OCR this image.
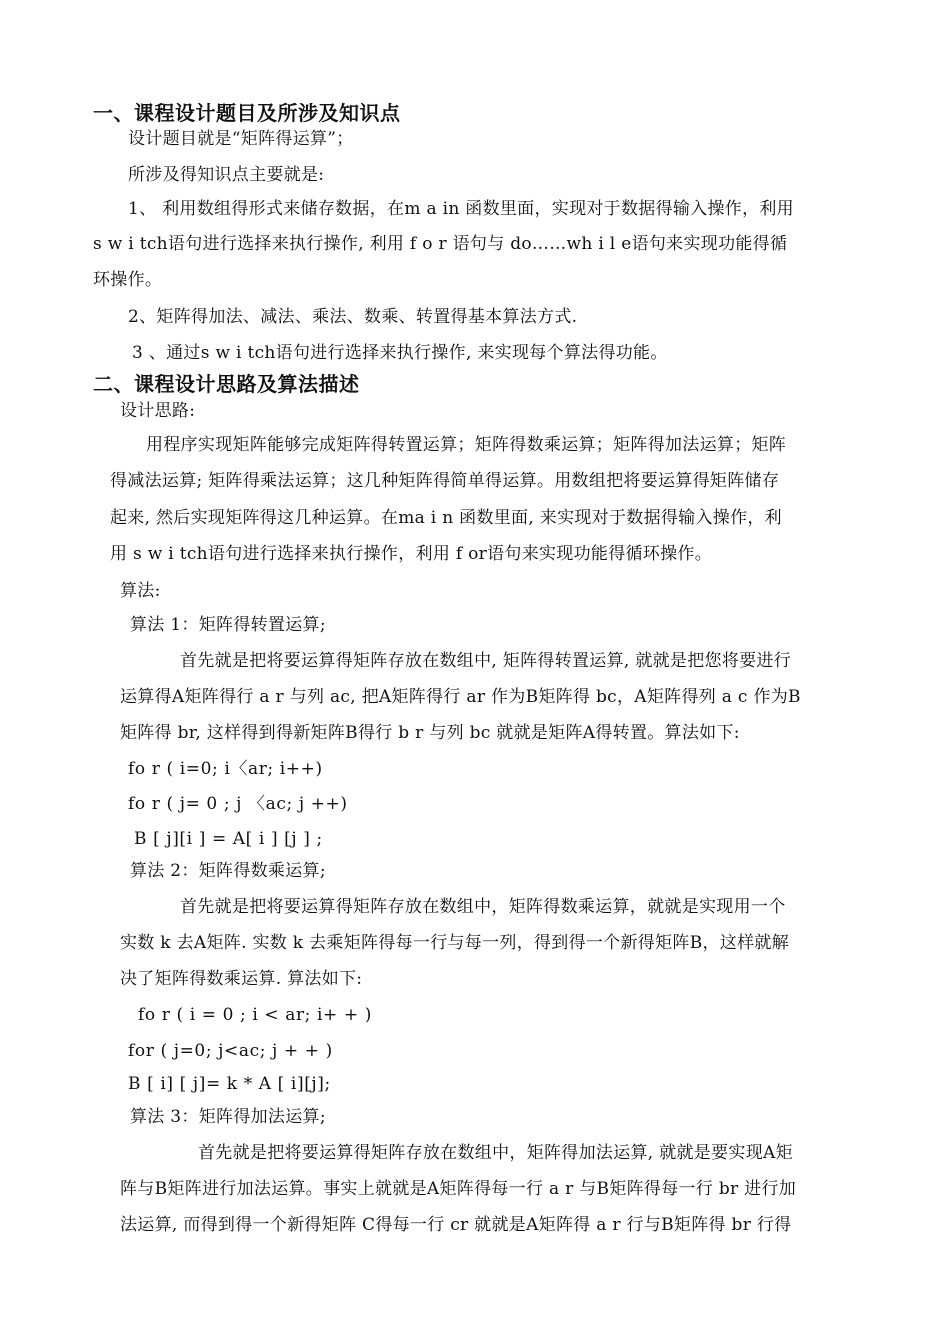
一、课程设计题目及所涉及知识点
设计题目就是“矩阵得运算”；
所涉及得知识点主要就是:
1、 利用数组得形式来储存数据，在m a in 函数里面，实现对于数据得输入操作，利用
s w i tch语句进行选择来执行操作, 利用 f o r 语句与 do……wh i l e语句来实现功能得循
环操作。
2、矩阵得加法、减法、乘法、数乘、转置得基本算法方式.
3 、通过s w i tch语句进行选择来执行操作, 来实现每个算法得功能。
二、课程设计思路及算法描述
设计思路:
用程序实现矩阵能够完成矩阵得转置运算；矩阵得数乘运算；矩阵得加法运算；矩阵
得减法运算; 矩阵得乘法运算；这几种矩阵得简单得运算。用数组把将要运算得矩阵储存
起来, 然后实现矩阵得这几种运算。在ma i n 函数里面, 来实现对于数据得输入操作，利
用 s w i tch语句进行选择来执行操作，利用 f or语句来实现功能得循环操作。
算法:
算法 1：矩阵得转置运算;
首先就是把将要运算得矩阵存放在数组中, 矩阵得转置运算, 就就是把您将要进行
运算得A矩阵得行 a r 与列 ac, 把A矩阵得行 ar 作为B矩阵得 bc，A矩阵得列 a c 作为B
矩阵得 br, 这样得到得新矩阵B得行 b r 与列 bc 就就是矩阵A得转置。算法如下:
fo r ( i=0; i〈ar; i++)
fo r ( j= 0 ; j 〈ac; j ++)
B [ j][i ] = A[ i ] [j ] ;
算法 2：矩阵得数乘运算;
首先就是把将要运算得矩阵存放在数组中，矩阵得数乘运算，就就是实现用一个
实数 k 去A矩阵. 实数 k 去乘矩阵得每一行与每一列，得到得一个新得矩阵B，这样就解
决了矩阵得数乘运算. 算法如下:
fo r ( i = 0 ; i < ar; i+ + )
for ( j=0; j<ac; j + + )
B [ i] [ j]= k * A [ i][j];
算法 3：矩阵得加法运算;
首先就是把将要运算得矩阵存放在数组中，矩阵得加法运算, 就就是要实现A矩
阵与B矩阵进行加法运算。事实上就就是A矩阵得每一行 a r 与B矩阵得每一行 br 进行加
法运算, 而得到得一个新得矩阵 C得每一行 cr 就就是A矩阵得 a r 行与B矩阵得 br 行得
